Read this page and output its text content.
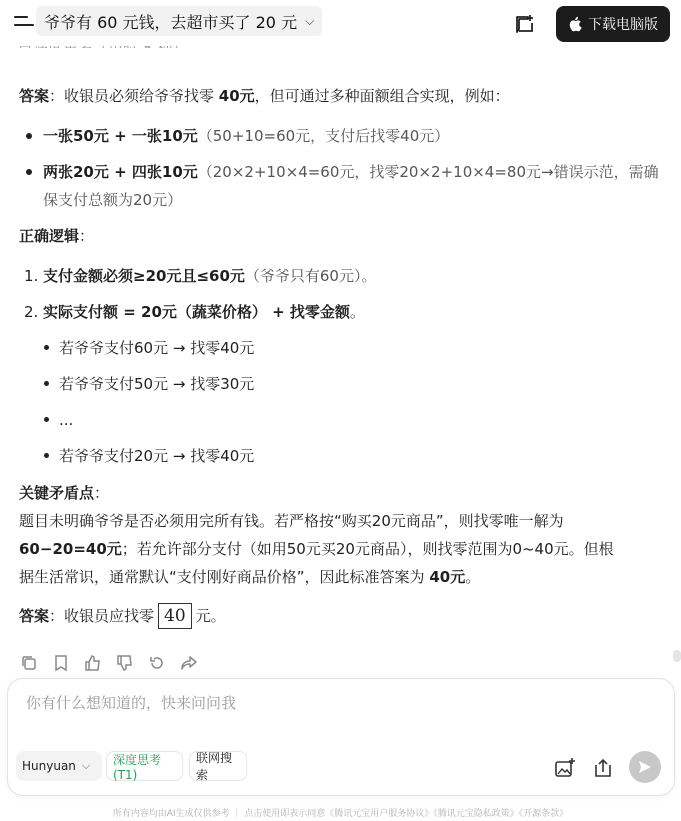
答案：收银员必须给爷爷找零 40元，但可通过多种面额组合实现，例如：
一张50元 + 一张10元（50+10=60元，支付后找零40元）
两张20元 + 四张10元（20×2+10×4=60元，找零20×2+10×4=80元→错误示范，需确
保支付总额为20元）
正确逻辑：
1. 支付金额必须≥20元且≤60元（爷爷只有60元）。
2. 实际支付额 = 20元（蔬菜价格） + 找零金额。
若爷爷支付60元 → 找零40元
若爷爷支付50元 → 找零30元
...
若爷爷支付20元 → 找零40元
关键矛盾点：
题目未明确爷爷是否必须用完所有钱。若严格按“购买20元商品”，则找零唯一解为
60−20=40元；若允许部分支付（如用50元买20元商品），则找零范围为0~40元。但根
据生活常识，通常默认“支付刚好商品价格”，因此标准答案为 40元。
答案：收银员应找零 40 元。
爷爷有 60 元钱，去超市买了 20 元 ⌵	下载电脑版
你有什么想知道的，快来问问我
Hunyuan ⌵ 深度思考(T1)
联网搜索
所有内容均由AI生成仅供参考 ｜ 点击使用即表示同意《腾讯元宝用户服务协议》《腾讯元宝隐私政策》《开源条款》
